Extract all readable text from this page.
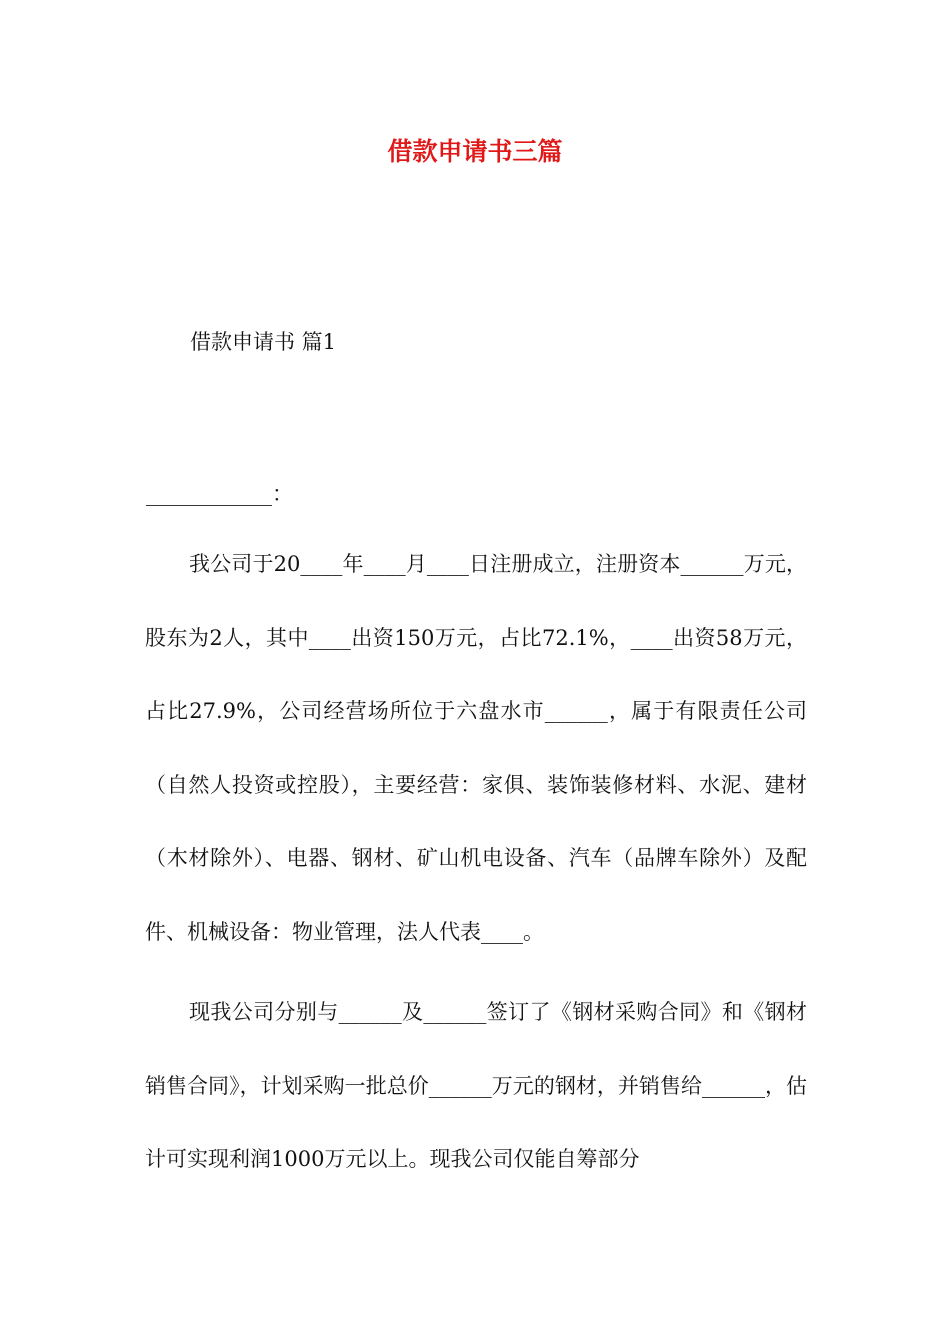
借款申请书三篇

借款申请书 篇1

____________：

我公司于20____年____月____日注册成立，注册资本______万元，股东为2人，其中____出资150万元，占比72.1%，____出资58万元，占比27.9%，公司经营场所位于六盘水市______，属于有限责任公司（自然人投资或控股），主要经营：家俱、装饰装修材料、水泥、建材（木材除外）、电器、钢材、矿山机电设备、汽车（品牌车除外）及配件、机械设备：物业管理，法人代表____。

现我公司分别与______及______签订了《钢材采购合同》和《钢材销售合同》，计划采购一批总价______万元的钢材，并销售给______，估计可实现利润1000万元以上。现我公司仅能自筹部分
